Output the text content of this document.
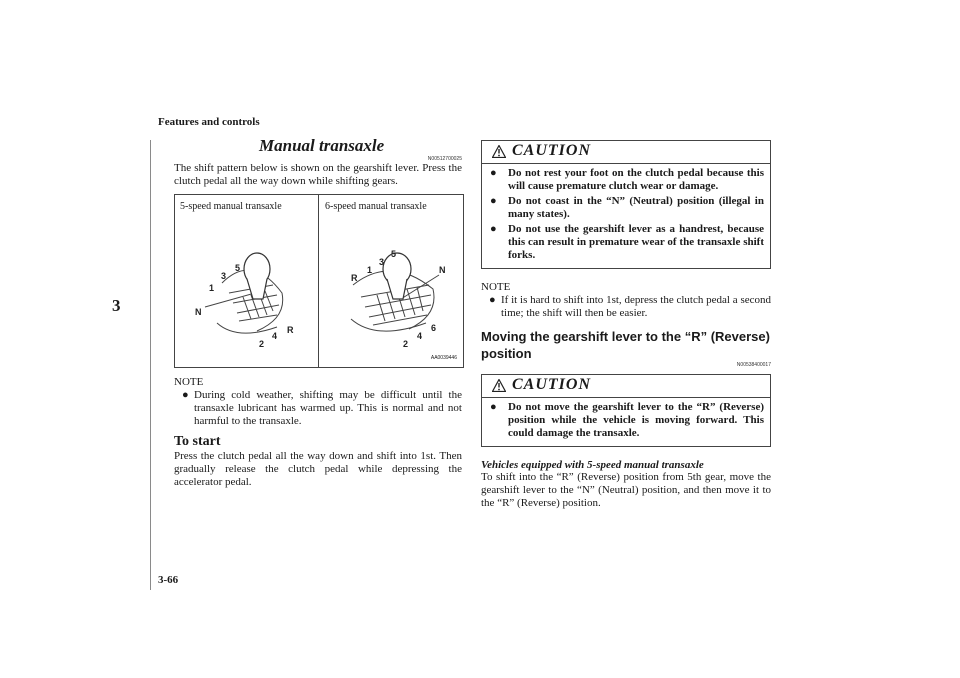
Features and controls
3
3-66
Manual transaxle
N00512700025

The shift pattern below is shown on the gearshift lever. Press the clutch pedal all the way down while shifting gears.

5-speed manual transaxle	6-speed manual transaxle
1
3
5
N
R
2
4
R
1
3
5
N
2
4
6
AA0039446
NOTE
● During cold weather, shifting may be difficult until the transaxle lubricant has warmed up. This is normal and not harmful to the transaxle.
To start

Press the clutch pedal all the way down and shift into 1st. Then gradually release the clutch pedal while depressing the accelerator pedal.

CAUTION
● Do not rest your foot on the clutch pedal because this will cause premature clutch wear or damage.
● Do not coast in the “N” (Neutral) position (illegal in many states).
● Do not use the gearshift lever as a handrest, because this can result in premature wear of the transaxle shift forks.
NOTE
● If it is hard to shift into 1st, depress the clutch pedal a second time; the shift will then be easier.
Moving the gearshift lever to the “R” (Reverse) position
N00538400017
CAUTION
● Do not move the gearshift lever to the “R” (Reverse) position while the vehicle is moving forward. This could damage the transaxle.
Vehicles equipped with 5-speed manual transaxle

To shift into the “R” (Reverse) position from 5th gear, move the gearshift lever to the “N” (Neutral) position, and then move it to the “R” (Reverse) position.
